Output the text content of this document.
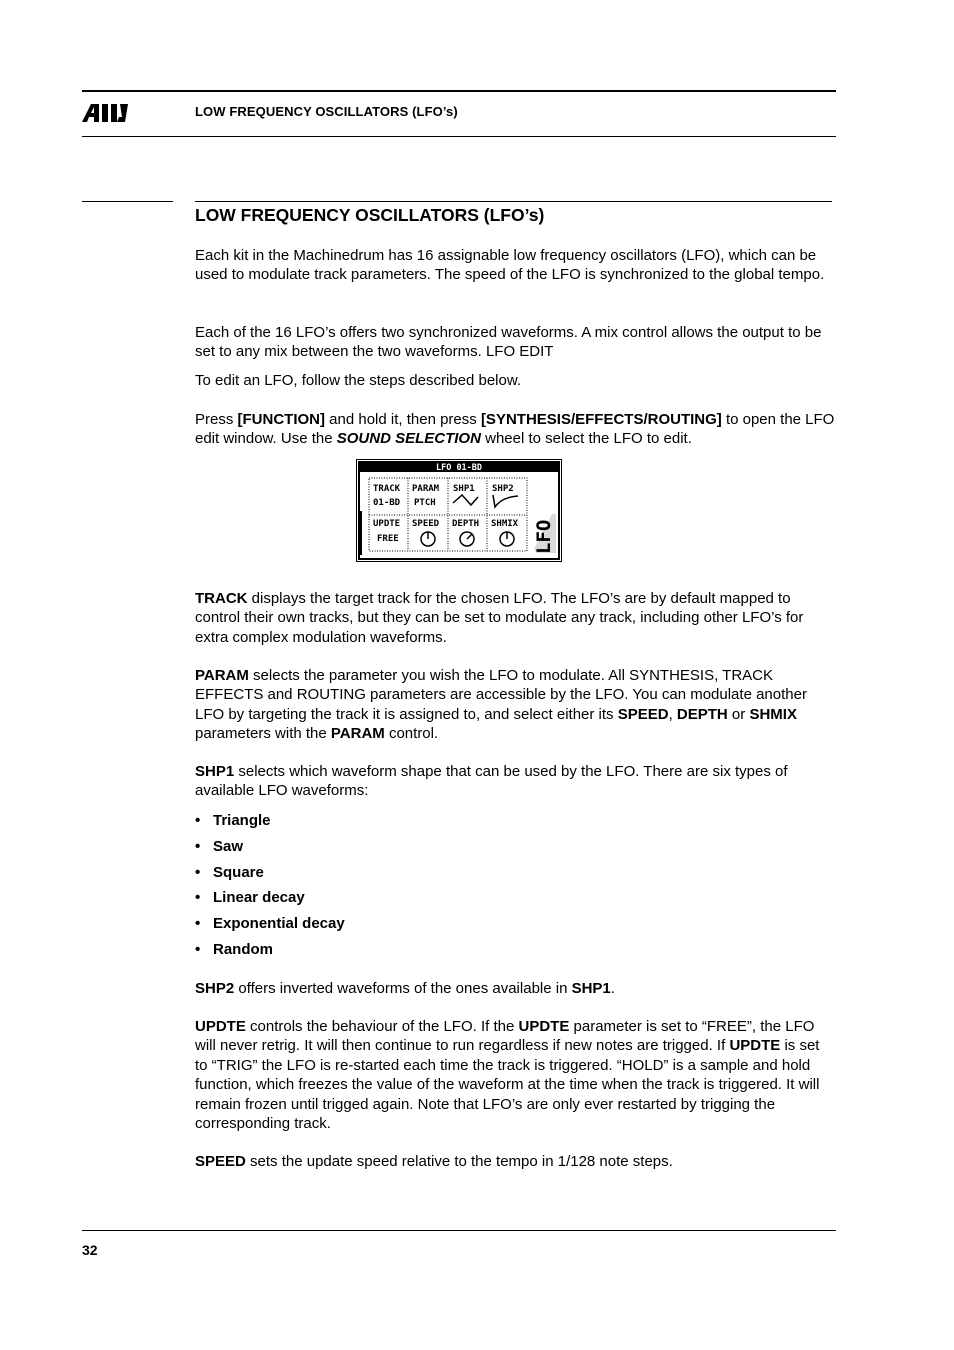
LOW FREQUENCY OSCILLATORS (LFO’s)
LOW FREQUENCY OSCILLATORS (LFO’s)

Each kit in the Machinedrum has 16 assignable low frequency oscillators (LFO), which can be used to modulate track parameters. The speed of the LFO is synchronized to the global tempo.

Each of the 16 LFO’s offers two synchronized waveforms. A mix control allows the output to be set to any mix between the two waveforms. LFO EDIT

To edit an LFO, follow the steps described below.

Press [FUNCTION] and hold it, then press [SYNTHESIS/EFFECTS/ROUTING] to open the LFO edit window. Use the SOUND SELECTION wheel to select the LFO to edit.

LFO 01-BD
TRACK PARAM SHP1 SHP2
01-BD PTCH
UPDTE SPEED DEPTH SHMIX
FREE	LFO

TRACK displays the target track for the chosen LFO. The LFO’s are by default mapped to control their own tracks, but they can be set to modulate any track, including other LFO’s for extra complex modulation waveforms.

PARAM selects the parameter you wish the LFO to modulate. All SYNTHESIS, TRACK EFFECTS and ROUTING parameters are accessible by the LFO. You can modulate another LFO by targeting the track it is assigned to, and select either its SPEED, DEPTH or SHMIX parameters with the PARAM control.

SHP1 selects which waveform shape that can be used by the LFO. There are six types of available LFO waveforms:

• Triangle
• Saw
• Square
• Linear decay
• Exponential decay
• Random

SHP2 offers inverted waveforms of the ones available in SHP1.

UPDTE controls the behaviour of the LFO. If the UPDTE parameter is set to “FREE”, the LFO will never retrig. It will then continue to run regardless if new notes are trigged. If UPDTE is set to “TRIG” the LFO is re-started each time the track is triggered. “HOLD” is a sample and hold function, which freezes the value of the waveform at the time when the track is triggered. It will remain frozen until trigged again. Note that LFO’s are only ever restarted by trigging the corresponding track.

SPEED sets the update speed relative to the tempo in 1/128 note steps.

32
